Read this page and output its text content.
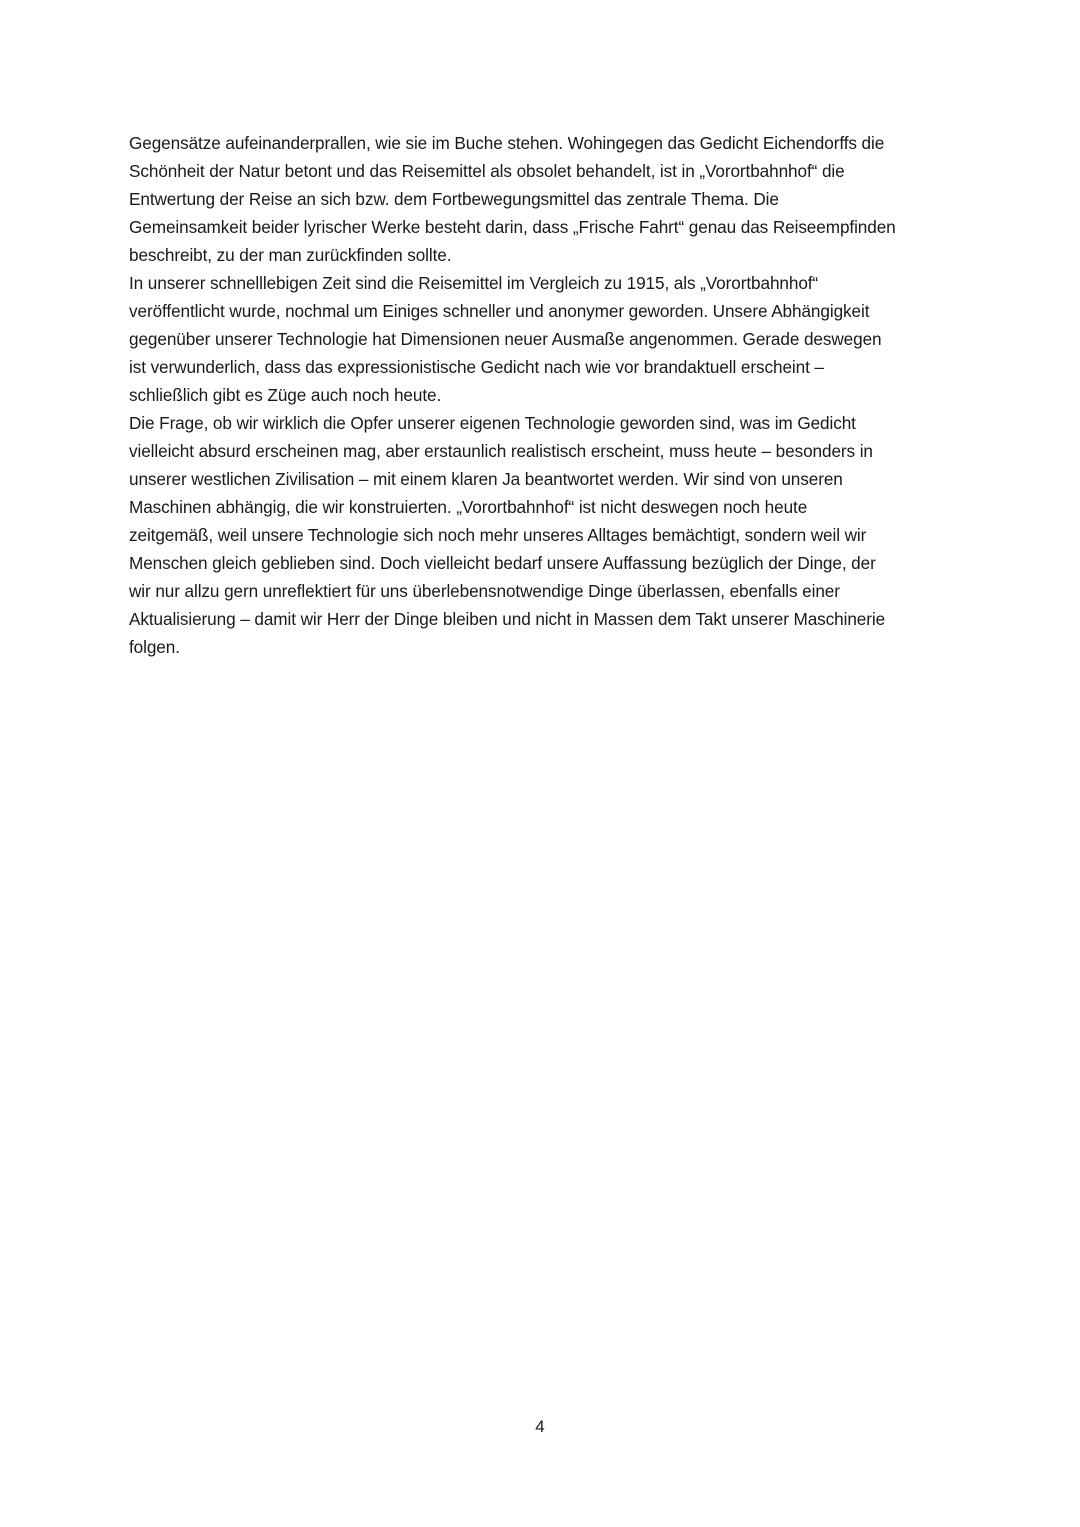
Gegensätze aufeinanderprallen, wie sie im Buche stehen. Wohingegen das Gedicht Eichendorffs die
Schönheit der Natur betont und das Reisemittel als obsolet behandelt, ist in „Vorortbahnhof“ die
Entwertung der Reise an sich bzw. dem Fortbewegungsmittel das zentrale Thema. Die
Gemeinsamkeit beider lyrischer Werke besteht darin, dass „Frische Fahrt“ genau das Reiseempfinden
beschreibt, zu der man zurückfinden sollte.
In unserer schnelllebigen Zeit sind die Reisemittel im Vergleich zu 1915, als „Vorortbahnhof“
veröffentlicht wurde, nochmal um Einiges schneller und anonymer geworden. Unsere Abhängigkeit
gegenüber unserer Technologie hat Dimensionen neuer Ausmaße angenommen. Gerade deswegen
ist verwunderlich, dass das expressionistische Gedicht nach wie vor brandaktuell erscheint –
schließlich gibt es Züge auch noch heute.
Die Frage, ob wir wirklich die Opfer unserer eigenen Technologie geworden sind, was im Gedicht
vielleicht absurd erscheinen mag, aber erstaunlich realistisch erscheint, muss heute – besonders in
unserer westlichen Zivilisation – mit einem klaren Ja beantwortet werden. Wir sind von unseren
Maschinen abhängig, die wir konstruierten. „Vorortbahnhof“ ist nicht deswegen noch heute
zeitgemäß, weil unsere Technologie sich noch mehr unseres Alltages bemächtigt, sondern weil wir
Menschen gleich geblieben sind. Doch vielleicht bedarf unsere Auffassung bezüglich der Dinge, der
wir nur allzu gern unreflektiert für uns überlebensnotwendige Dinge überlassen, ebenfalls einer
Aktualisierung – damit wir Herr der Dinge bleiben und nicht in Massen dem Takt unserer Maschinerie
folgen.
4
